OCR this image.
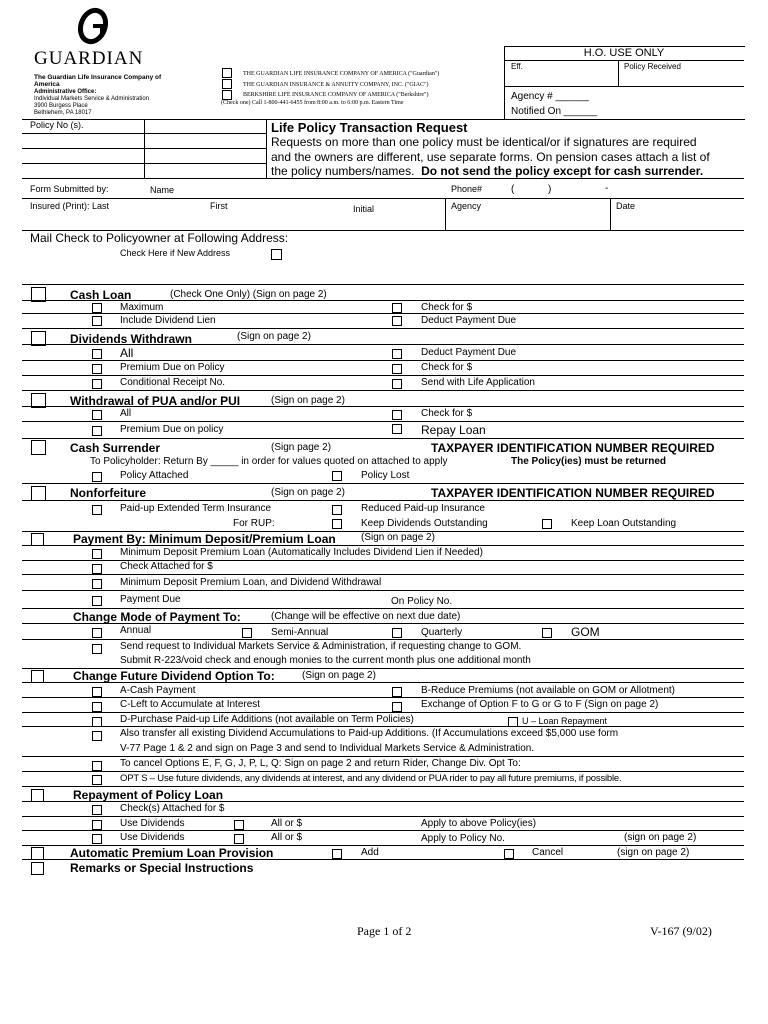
GUARDIAN
The Guardian Life Insurance Company of America
Administrative Office:
Individual Markets Service & Administration
3900 Burgess Place
Bethlehem, PA 18017
THE GUARDIAN LIFE INSURANCE COMPANY OF AMERICA ("Guardian")
THE GUARDIAN INSURANCE & ANNUITY COMPANY, INC. ("GIAC")
BERKSHIRE LIFE INSURANCE COMPANY OF AMERICA ("Berkshire")
(Check one) Call 1-800-441-6455 from 8:00 a.m. to 6:00 p.m. Eastern Time
H.O. USE ONLY
Eff.	Policy Received
Agency # ______
Notified On ______
Policy No (s).	Life Policy Transaction Request
Requests on more than one policy must be identical/or if signatures are required
and the owners are different, use separate forms. On pension cases attach a list of
the policy numbers/names. Do not send the policy except for cash surrender.
Form Submitted by:	Name	Phone#	(	)	-
Insured (Print): Last	First	Initial	Agency	Date
Mail Check to Policyowner at Following Address:
Check Here if New Address
Cash Loan	(Check One Only) (Sign on page 2)
Maximum	Check for $
Include Dividend Lien	Deduct Payment Due
Dividends Withdrawn	(Sign on page 2)
All	Deduct Payment Due
Premium Due on Policy	Check for $
Conditional Receipt No.	Send with Life Application
Withdrawal of PUA and/or PUI	(Sign on page 2)
All	Check for $
Premium Due on policy	Repay Loan
Cash Surrender	(Sign page 2)	TAXPAYER IDENTIFICATION NUMBER REQUIRED
To Policyholder: Return By _____ in order for values quoted on attached to apply	The Policy(ies) must be returned
Policy Attached	Policy Lost
Nonforfeiture	(Sign on page 2)	TAXPAYER IDENTIFICATION NUMBER REQUIRED
Paid-up Extended Term Insurance	Reduced Paid-up Insurance
For RUP:	Keep Dividends Outstanding	Keep Loan Outstanding
Payment By: Minimum Deposit/Premium Loan	(Sign on page 2)
Minimum Deposit Premium Loan (Automatically Includes Dividend Lien if Needed)
Check Attached for $
Minimum Deposit Premium Loan, and Dividend Withdrawal
Payment Due	On Policy No.
Change Mode of Payment To:	(Change will be effective on next due date)
Annual	Semi-Annual	Quarterly	GOM
Send request to Individual Markets Service & Administration, if requesting change to GOM.
Submit R-223/void check and enough monies to the current month plus one additional month
Change Future Dividend Option To:	(Sign on page 2)
A-Cash Payment	B-Reduce Premiums (not available on GOM or Allotment)
C-Left to Accumulate at Interest	Exchange of Option F to G or G to F (Sign on page 2)
D-Purchase Paid-up Life Additions (not available on Term Policies)	U – Loan Repayment
Also transfer all existing Dividend Accumulations to Paid-up Additions. (If Accumulations exceed $5,000 use form
V-77 Page 1 & 2 and sign on Page 3 and send to Individual Markets Service & Administration.
To cancel Options E, F, G, J, P, L, Q: Sign on page 2 and return Rider, Change Div. Opt To:
OPT S – Use future dividends, any dividends at interest, and any dividend or PUA rider to pay all future premiums, if possible.
Repayment of Policy Loan
Check(s) Attached for $
Use Dividends	All or $	Apply to above Policy(ies)
Use Dividends	All or $	Apply to Policy No.	(sign on page 2)
Automatic Premium Loan Provision	Add	Cancel	(sign on page 2)
Remarks or Special Instructions
Page 1 of 2	V-167 (9/02)
